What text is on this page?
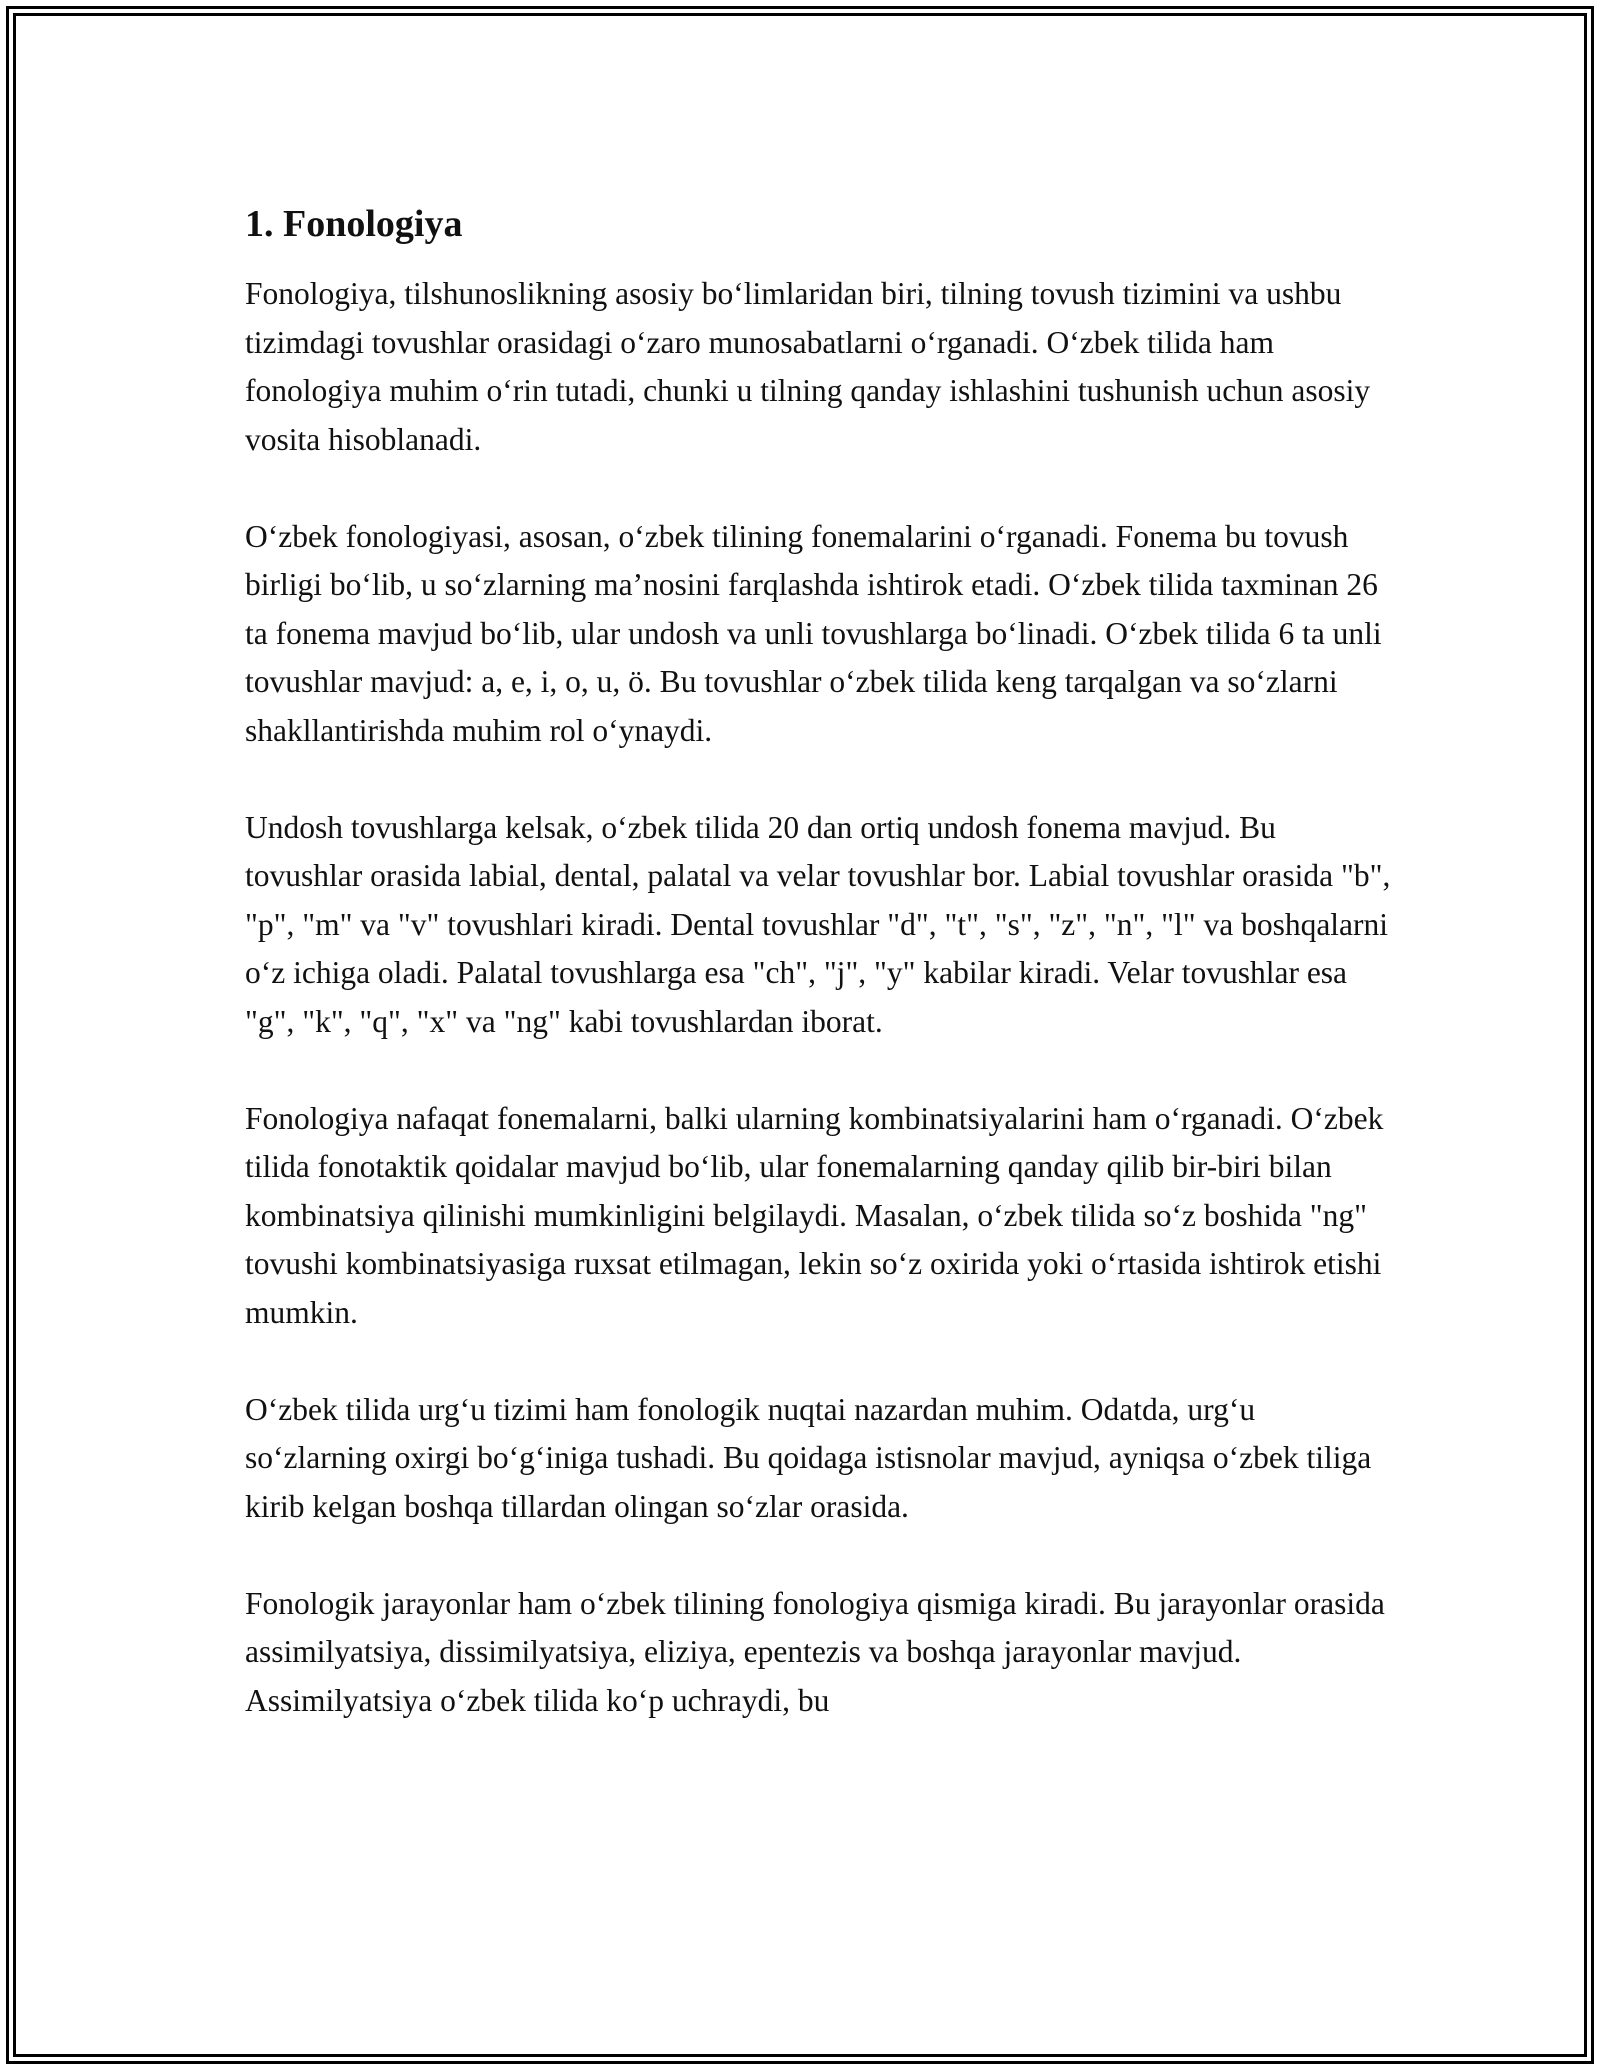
1. Fonologiya

Fonologiya, tilshunoslikning asosiy bo‘limlaridan biri, tilning tovush tizimini va ushbu tizimdagi tovushlar orasidagi o‘zaro munosabatlarni o‘rganadi. O‘zbek tilida ham fonologiya muhim o‘rin tutadi, chunki u tilning qanday ishlashini tushunish uchun asosiy vosita hisoblanadi.

O‘zbek fonologiyasi, asosan, o‘zbek tilining fonemalarini o‘rganadi. Fonema bu tovush birligi bo‘lib, u so‘zlarning ma’nosini farqlashda ishtirok etadi. O‘zbek tilida taxminan 26 ta fonema mavjud bo‘lib, ular undosh va unli tovushlarga bo‘linadi. O‘zbek tilida 6 ta unli tovushlar mavjud: a, e, i, o, u, ö. Bu tovushlar o‘zbek tilida keng tarqalgan va so‘zlarni shakllantirishda muhim rol o‘ynaydi.

Undosh tovushlarga kelsak, o‘zbek tilida 20 dan ortiq undosh fonema mavjud. Bu tovushlar orasida labial, dental, palatal va velar tovushlar bor. Labial tovushlar orasida "b", "p", "m" va "v" tovushlari kiradi. Dental tovushlar "d", "t", "s", "z", "n", "l" va boshqalarni o‘z ichiga oladi. Palatal tovushlarga esa "ch", "j", "y" kabilar kiradi. Velar tovushlar esa "g", "k", "q", "x" va "ng" kabi tovushlardan iborat.

Fonologiya nafaqat fonemalarni, balki ularning kombinatsiyalarini ham o‘rganadi. O‘zbek tilida fonotaktik qoidalar mavjud bo‘lib, ular fonemalarning qanday qilib bir-biri bilan kombinatsiya qilinishi mumkinligini belgilaydi. Masalan, o‘zbek tilida so‘z boshida "ng" tovushi kombinatsiyasiga ruxsat etilmagan, lekin so‘z oxirida yoki o‘rtasida ishtirok etishi mumkin.

O‘zbek tilida urg‘u tizimi ham fonologik nuqtai nazardan muhim. Odatda, urg‘u so‘zlarning oxirgi bo‘g‘iniga tushadi. Bu qoidaga istisnolar mavjud, ayniqsa o‘zbek tiliga kirib kelgan boshqa tillardan olingan so‘zlar orasida.

Fonologik jarayonlar ham o‘zbek tilining fonologiya qismiga kiradi. Bu jarayonlar orasida assimilyatsiya, dissimilyatsiya, eliziya, epentezis va boshqa jarayonlar mavjud. Assimilyatsiya o‘zbek tilida ko‘p uchraydi, bu
